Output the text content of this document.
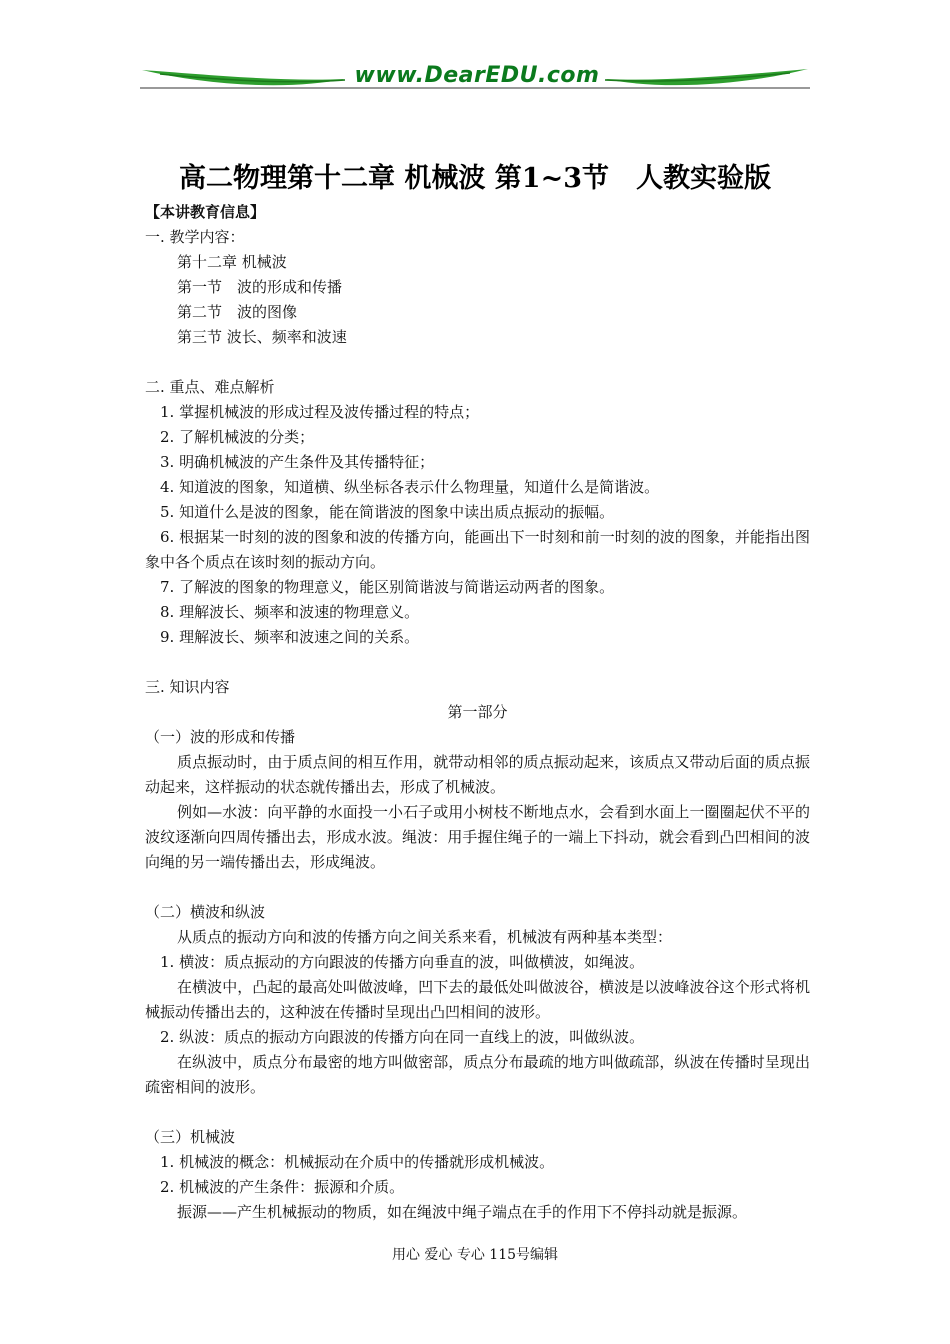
www.DearEDU.com
高二物理第十二章 机械波 第1~3节　人教实验版
【本讲教育信息】
一. 教学内容：
第十二章 机械波
第一节　波的形成和传播
第二节　波的图像
第三节 波长、频率和波速
二. 重点、难点解析
1. 掌握机械波的形成过程及波传播过程的特点；
2. 了解机械波的分类；
3. 明确机械波的产生条件及其传播特征；
4. 知道波的图象，知道横、纵坐标各表示什么物理量，知道什么是简谐波。
5. 知道什么是波的图象，能在简谐波的图象中读出质点振动的振幅。
6. 根据某一时刻的波的图象和波的传播方向，能画出下一时刻和前一时刻的波的图象，并能指出图象中各个质点在该时刻的振动方向。
7. 了解波的图象的物理意义，能区别简谐波与简谐运动两者的图象。
8. 理解波长、频率和波速的物理意义。
9. 理解波长、频率和波速之间的关系。
三. 知识内容
第一部分
（一）波的形成和传播
质点振动时，由于质点间的相互作用，就带动相邻的质点振动起来，该质点又带动后面的质点振动起来，这样振动的状态就传播出去，形成了机械波。
例如—水波：向平静的水面投一小石子或用小树枝不断地点水，会看到水面上一圈圈起伏不平的波纹逐渐向四周传播出去，形成水波。绳波：用手握住绳子的一端上下抖动，就会看到凸凹相间的波向绳的另一端传播出去，形成绳波。
（二）横波和纵波
从质点的振动方向和波的传播方向之间关系来看，机械波有两种基本类型：
1. 横波：质点振动的方向跟波的传播方向垂直的波，叫做横波，如绳波。
在横波中，凸起的最高处叫做波峰，凹下去的最低处叫做波谷，横波是以波峰波谷这个形式将机械振动传播出去的，这种波在传播时呈现出凸凹相间的波形。
2. 纵波：质点的振动方向跟波的传播方向在同一直线上的波，叫做纵波。
在纵波中，质点分布最密的地方叫做密部，质点分布最疏的地方叫做疏部，纵波在传播时呈现出疏密相间的波形。
（三）机械波
1. 机械波的概念：机械振动在介质中的传播就形成机械波。
2. 机械波的产生条件：振源和介质。
振源——产生机械振动的物质，如在绳波中绳子端点在手的作用下不停抖动就是振源。
用心 爱心 专心 115号编辑
